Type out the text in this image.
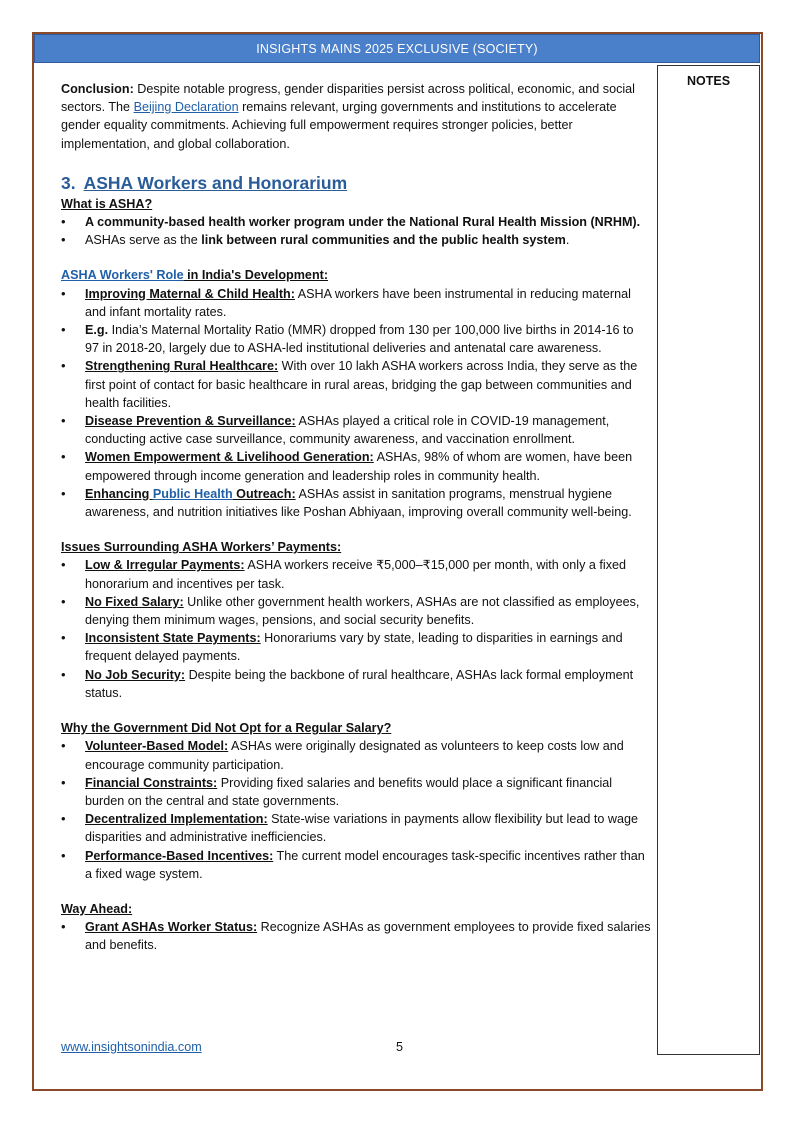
INSIGHTS MAINS 2025 EXCLUSIVE (SOCIETY)
NOTES

Conclusion: Despite notable progress, gender disparities persist across political, economic, and social sectors. The Beijing Declaration remains relevant, urging governments and institutions to accelerate gender equality commitments. Achieving full empowerment requires stronger policies, better implementation, and global collaboration.

3. ASHA Workers and Honorarium
What is ASHA?
• A community-based health worker program under the National Rural Health Mission (NRHM).
• ASHAs serve as the link between rural communities and the public health system.
ASHA Workers' Role in India's Development:
• Improving Maternal & Child Health: ASHA workers have been instrumental in reducing maternal and infant mortality rates.
• E.g. India’s Maternal Mortality Ratio (MMR) dropped from 130 per 100,000 live births in 2014-16 to 97 in 2018-20, largely due to ASHA-led institutional deliveries and antenatal care awareness.
• Strengthening Rural Healthcare: With over 10 lakh ASHA workers across India, they serve as the first point of contact for basic healthcare in rural areas, bridging the gap between communities and health facilities.
• Disease Prevention & Surveillance: ASHAs played a critical role in COVID-19 management, conducting active case surveillance, community awareness, and vaccination enrollment.
• Women Empowerment & Livelihood Generation: ASHAs, 98% of whom are women, have been empowered through income generation and leadership roles in community health.
• Enhancing Public Health Outreach: ASHAs assist in sanitation programs, menstrual hygiene awareness, and nutrition initiatives like Poshan Abhiyaan, improving overall community well-being.
Issues Surrounding ASHA Workers’ Payments:
• Low & Irregular Payments: ASHA workers receive ₹5,000–₹15,000 per month, with only a fixed honorarium and incentives per task.
• No Fixed Salary: Unlike other government health workers, ASHAs are not classified as employees, denying them minimum wages, pensions, and social security benefits.
• Inconsistent State Payments: Honorariums vary by state, leading to disparities in earnings and frequent delayed payments.
• No Job Security: Despite being the backbone of rural healthcare, ASHAs lack formal employment status.
Why the Government Did Not Opt for a Regular Salary?
• Volunteer-Based Model: ASHAs were originally designated as volunteers to keep costs low and encourage community participation.
• Financial Constraints: Providing fixed salaries and benefits would place a significant financial burden on the central and state governments.
• Decentralized Implementation: State-wise variations in payments allow flexibility but lead to wage disparities and administrative inefficiencies.
• Performance-Based Incentives: The current model encourages task-specific incentives rather than a fixed wage system.
Way Ahead:
• Grant ASHAs Worker Status: Recognize ASHAs as government employees to provide fixed salaries and benefits.
www.insightsonindia.com	5
